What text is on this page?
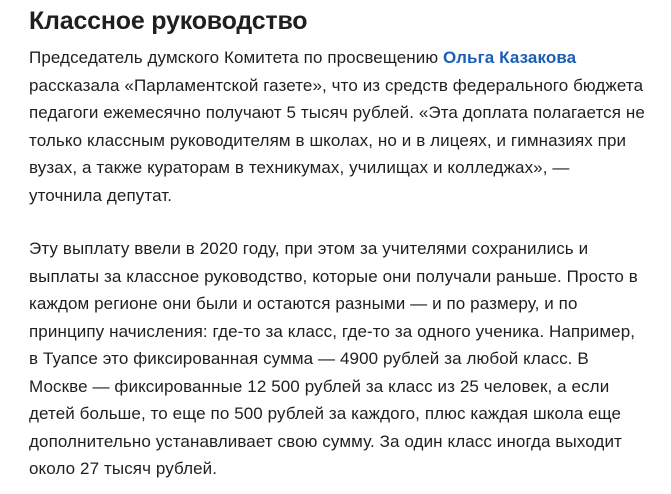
Классное руководство

Председатель думского Комитета по просвещению Ольга Казакова
рассказала «Парламентской газете», что из средств федерального бюджета
педагоги ежемесячно получают 5 тысяч рублей. «Эта доплата полагается не
только классным руководителям в школах, но и в лицеях, и гимназиях при
вузах, а также кураторам в техникумах, училищах и колледжах», —
уточнила депутат.

Эту выплату ввели в 2020 году, при этом за учителями сохранились и
выплаты за классное руководство, которые они получали раньше. Просто в
каждом регионе они были и остаются разными — и по размеру, и по
принципу начисления: где-то за класс, где-то за одного ученика. Например,
в Туапсе это фиксированная сумма — 4900 рублей за любой класс. В
Москве — фиксированные 12 500 рублей за класс из 25 человек, а если
детей больше, то еще по 500 рублей за каждого, плюс каждая школа еще
дополнительно устанавливает свою сумму. За один класс иногда выходит
около 27 тысяч рублей.
